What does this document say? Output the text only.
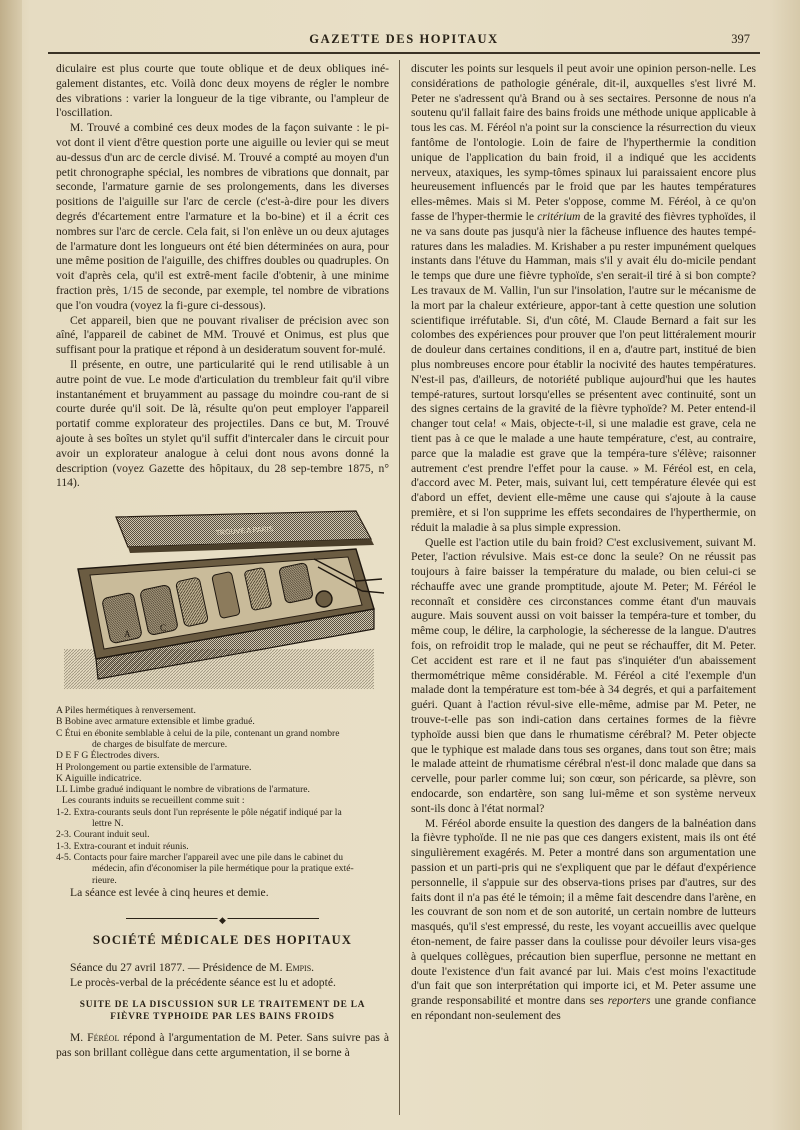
GAZETTE DES HOPITAUX	397

diculaire est plus courte que toute oblique et de deux obliques iné-galement distantes, etc. Voilà donc deux moyens de régler le nombre des vibrations : varier la longueur de la tige vibrante, ou l'ampleur de l'oscillation.

M. Trouvé a combiné ces deux modes de la façon suivante : le pi-vot dont il vient d'être question porte une aiguille ou levier qui se meut au-dessus d'un arc de cercle divisé. M. Trouvé a compté au moyen d'un petit chronographe spécial, les nombres de vibrations que donnait, par seconde, l'armature garnie de ses prolongements, dans les diverses positions de l'aiguille sur l'arc de cercle (c'est-à-dire pour les divers degrés d'écartement entre l'armature et la bo-bine) et il a écrit ces nombres sur l'arc de cercle. Cela fait, si l'on enlève un ou deux ajutages de l'armature dont les longueurs ont été bien déterminées on aura, pour une même position de l'aiguille, des chiffres doubles ou quadruples. On voit d'après cela, qu'il est extrê-ment facile d'obtenir, à une minime fraction près, 1/15 de seconde, par exemple, tel nombre de vibrations que l'on voudra (voyez la fi-gure ci-dessous).

Cet appareil, bien que ne pouvant rivaliser de précision avec son aîné, l'appareil de cabinet de MM. Trouvé et Onimus, est plus que suffisant pour la pratique et répond à un desideratum souvent for-mulé.

Il présente, en outre, une particularité qui le rend utilisable à un autre point de vue. Le mode d'articulation du trembleur fait qu'il vibre instantanément et bruyamment au passage du moindre cou-rant de si courte durée qu'il soit. De là, résulte qu'on peut employer l'appareil portatif comme explorateur des projectiles. Dans ce but, M. Trouvé ajoute à ses boîtes un stylet qu'il suffit d'intercaler dans le circuit pour avoir un explorateur analogue à celui dont nous avons donné la description (voyez Gazette des hôpitaux, du 28 sep-tembre 1875, n° 114).

TROUVÉ A PARIS
A
C
A Piles hermétiques à renversement.
B Bobine avec armature extensible et limbe gradué.
C Étui en ébonite semblable à celui de la pile, contenant un grand nombre
de charges de bisulfate de mercure.
D E F G Électrodes divers.
H Prolongement ou partie extensible de l'armature.
K Aiguille indicatrice.
LL Limbe gradué indiquant le nombre de vibrations de l'armature.
Les courants induits se recueillent comme suit :
1-2. Extra-courants seuls dont l'un représente le pôle négatif indiqué par la
lettre N.
2-3. Courant induit seul.
1-3. Extra-courant et induit réunis.
4-5. Contacts pour faire marcher l'appareil avec une pile dans le cabinet du
médecin, afin d'économiser la pile hermétique pour la pratique exté-
rieure.

La séance est levée à cinq heures et demie.

◆
SOCIÉTÉ MÉDICALE DES HOPITAUX

Séance du 27 avril 1877. — Présidence de M. Empis.

Le procès-verbal de la précédente séance est lu et adopté.

SUITE DE LA DISCUSSION SUR LE TRAITEMENT DE LA
FIÈVRE TYPHOIDE PAR LES BAINS FROIDS

M. Féréol répond à l'argumentation de M. Peter. Sans suivre pas à pas son brillant collègue dans cette argumentation, il se borne à

discuter les points sur lesquels il peut avoir une opinion person-nelle. Les considérations de pathologie générale, dit-il, auxquelles s'est livré M. Peter ne s'adressent qu'à Brand ou à ses sectaires. Personne de nous n'a soutenu qu'il fallait faire des bains froids une méthode unique applicable à tous les cas. M. Féréol n'a point sur la conscience la résurrection du vieux fantôme de l'ontologie. Loin de faire de l'hyperthermie la condition unique de l'application du bain froid, il a indiqué que les accidents nerveux, ataxiques, les symp-tômes spinaux lui paraissaient encore plus heureusement influencés par le froid que par les hautes températures elles-mêmes. Mais si M. Peter s'oppose, comme M. Féréol, à ce qu'on fasse de l'hyper-thermie le critérium de la gravité des fièvres typhoïdes, il ne va sans doute pas jusqu'à nier la fâcheuse influence des hautes tempé-ratures dans les maladies. M. Krishaber a pu rester impunément quelques instants dans l'étuve du Hamman, mais s'il y avait élu do-micile pendant le temps que dure une fièvre typhoïde, s'en serait-il tiré à si bon compte? Les travaux de M. Vallin, l'un sur l'insolation, l'autre sur le mécanisme de la mort par la chaleur extérieure, appor-tant à cette question une solution scientifique irréfutable. Si, d'un côté, M. Claude Bernard a fait sur les colombes des expériences pour prouver que l'on peut littéralement mourir de douleur dans certaines conditions, il en a, d'autre part, institué de bien plus nombreuses encore pour établir la nocivité des hautes températures. N'est-il pas, d'ailleurs, de notoriété publique aujourd'hui que les hautes tempé-ratures, surtout lorsqu'elles se présentent avec continuité, sont un des signes certains de la gravité de la fièvre typhoïde? M. Peter entend-il changer tout cela! « Mais, objecte-t-il, si une maladie est grave, cela ne tient pas à ce que le malade a une haute température, c'est, au contraire, parce que la maladie est grave que la tempéra-ture s'élève; raisonner autrement c'est prendre l'effet pour la cause. » M. Féréol est, en cela, d'accord avec M. Peter, mais, suivant lui, cett température élevée qui est d'abord un effet, devient elle-même une cause qui s'ajoute à la cause première, et si l'on supprime les effets secondaires de l'hyperthermie, on réduit la maladie à sa plus simple expression.

Quelle est l'action utile du bain froid? C'est exclusivement, suivant M. Peter, l'action révulsive. Mais est-ce donc la seule? On ne réussit pas toujours à faire baisser la température du malade, ou bien celui-ci se réchauffe avec une grande promptitude, ajoute M. Peter; M. Féréol le reconnaît et considère ces circonstances comme étant d'un mauvais augure. Mais souvent aussi on voit baisser la tempéra-ture et tomber, du même coup, le délire, la carphologie, la sécheresse de la langue. D'autres fois, on refroidit trop le malade, qui ne peut se réchauffer, dit M. Peter. Cet accident est rare et il ne faut pas s'inquiéter d'un abaissement thermométrique même considérable. M. Féréol a cité l'exemple d'un malade dont la température est tom-bée à 34 degrés, et qui a parfaitement guéri. Quant à l'action révul-sive elle-même, admise par M. Peter, ne trouve-t-elle pas son indi-cation dans certaines formes de la fièvre typhoïde aussi bien que dans le rhumatisme cérébral? M. Peter objecte que le typhique est malade dans tous ses organes, dans tout son être; mais le malade atteint de rhumatisme cérébral n'est-il donc malade que dans sa cervelle, pour parler comme lui; son cœur, son péricarde, sa plèvre, son endocarde, son endartère, son sang lui-même et son système nerveux sont-ils donc à l'état normal?

M. Féréol aborde ensuite la question des dangers de la balnéation dans la fièvre typhoïde. Il ne nie pas que ces dangers existent, mais ils ont été singulièrement exagérés. M. Peter a montré dans son argumentation une passion et un parti-pris qui ne s'expliquent que par le défaut d'expérience personnelle, il s'appuie sur des observa-tions prises par d'autres, sur des faits dont il n'a pas été le témoin; il a même fait descendre dans l'arène, en les couvrant de son nom et de son autorité, un certain nombre de lutteurs masqués, qu'il s'est empressé, du reste, les voyant accueillis avec quelque éton-nement, de faire passer dans la coulisse pour dévoiler leurs visa-ges à quelques collègues, précaution bien superflue, personne ne mettant en doute l'existence d'un fait avancé par lui. Mais c'est moins l'exactitude d'un fait que son interprétation qui importe ici, et M. Peter assume une grande responsabilité et montre dans ses reporters une grande confiance en répondant non-seulement des
